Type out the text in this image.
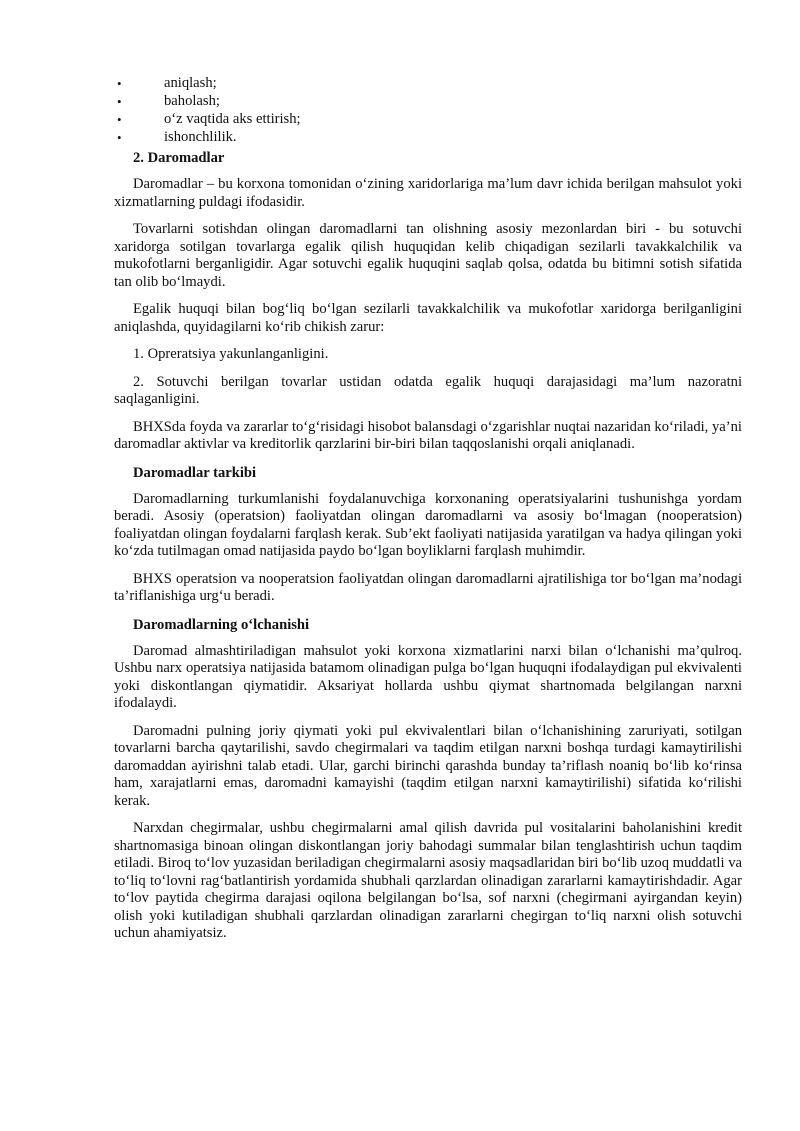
•	aniqlash;
•	baholash;
•	o‘z vaqtida aks ettirish;
•	ishonchlilik.
2. Daromadlar

Daromadlar – bu korxona tomonidan o‘zining xaridorlariga ma’lum davr ichida berilgan mahsulot yoki xizmatlarning puldagi ifodasidir.

Tovarlarni sotishdan olingan daromadlarni tan olishning asosiy mezonlardan biri - bu sotuvchi xaridorga sotilgan tovarlarga egalik qilish huquqidan kelib chiqadigan sezilarli tavakkalchilik va mukofotlarni berganligidir. Agar sotuvchi egalik huquqini saqlab qolsa, odatda bu bitimni sotish sifatida tan olib bo‘lmaydi.

Egalik huquqi bilan bog‘liq bo‘lgan sezilarli tavakkalchilik va mukofotlar xaridorga berilganligini aniqlashda, quyidagilarni ko‘rib chikish zarur:

1. Opreratsiya yakunlanganligini.

2. Sotuvchi berilgan tovarlar ustidan odatda egalik huquqi darajasidagi ma’lum nazoratni saqlaganligini.

BHXSda foyda va zararlar to‘g‘risidagi hisobot balansdagi o‘zgarishlar nuqtai nazaridan ko‘riladi, ya’ni daromadlar aktivlar va kreditorlik qarzlarini bir-biri bilan taqqoslanishi orqali aniqlanadi.

Daromadlar tarkibi

Daromadlarning turkumlanishi foydalanuvchiga korxonaning operatsiyalarini tushunishga yordam beradi. Asosiy (operatsion) faoliyatdan olingan daromadlarni va asosiy bo‘lmagan (nooperatsion) foaliyatdan olingan foydalarni farqlash kerak. Sub’ekt faoliyati natijasida yaratilgan va hadya qilingan yoki ko‘zda tutilmagan omad natijasida paydo bo‘lgan boyliklarni farqlash muhimdir.

BHXS operatsion va nooperatsion faoliyatdan olingan daromadlarni ajratilishiga tor bo‘lgan ma’nodagi ta’riflanishiga urg‘u beradi.

Daromadlarning o‘lchanishi

Daromad almashtiriladigan mahsulot yoki korxona xizmatlarini narxi bilan o‘lchanishi ma’qulroq. Ushbu narx operatsiya natijasida batamom olinadigan pulga bo‘lgan huquqni ifodalaydigan pul ekvivalenti yoki diskontlangan qiymatidir. Aksariyat hollarda ushbu qiymat shartnomada belgilangan narxni ifodalaydi.

Daromadni pulning joriy qiymati yoki pul ekvivalentlari bilan o‘lchanishining zaruriyati, sotilgan tovarlarni barcha qaytarilishi, savdo chegirmalari va taqdim etilgan narxni boshqa turdagi kamaytirilishi daromaddan ayirishni talab etadi. Ular, garchi birinchi qarashda bunday ta’riflash noaniq bo‘lib ko‘rinsa ham, xarajatlarni emas, daromadni kamayishi (taqdim etilgan narxni kamaytirilishi) sifatida ko‘rilishi kerak.

Narxdan chegirmalar, ushbu chegirmalarni amal qilish davrida pul vositalarini baholanishini kredit shartnomasiga binoan olingan diskontlangan joriy bahodagi summalar bilan tenglashtirish uchun taqdim etiladi. Biroq to‘lov yuzasidan beriladigan chegirmalarni asosiy maqsadlaridan biri bo‘lib uzoq muddatli va to‘liq to‘lovni rag‘batlantirish yordamida shubhali qarzlardan olinadigan zararlarni kamaytirishdadir. Agar to‘lov paytida chegirma darajasi oqilona belgilangan bo‘lsa, sof narxni (chegirmani ayirgandan keyin) olish yoki kutiladigan shubhali qarzlardan olinadigan zararlarni chegirgan to‘liq narxni olish sotuvchi uchun ahamiyatsiz.
